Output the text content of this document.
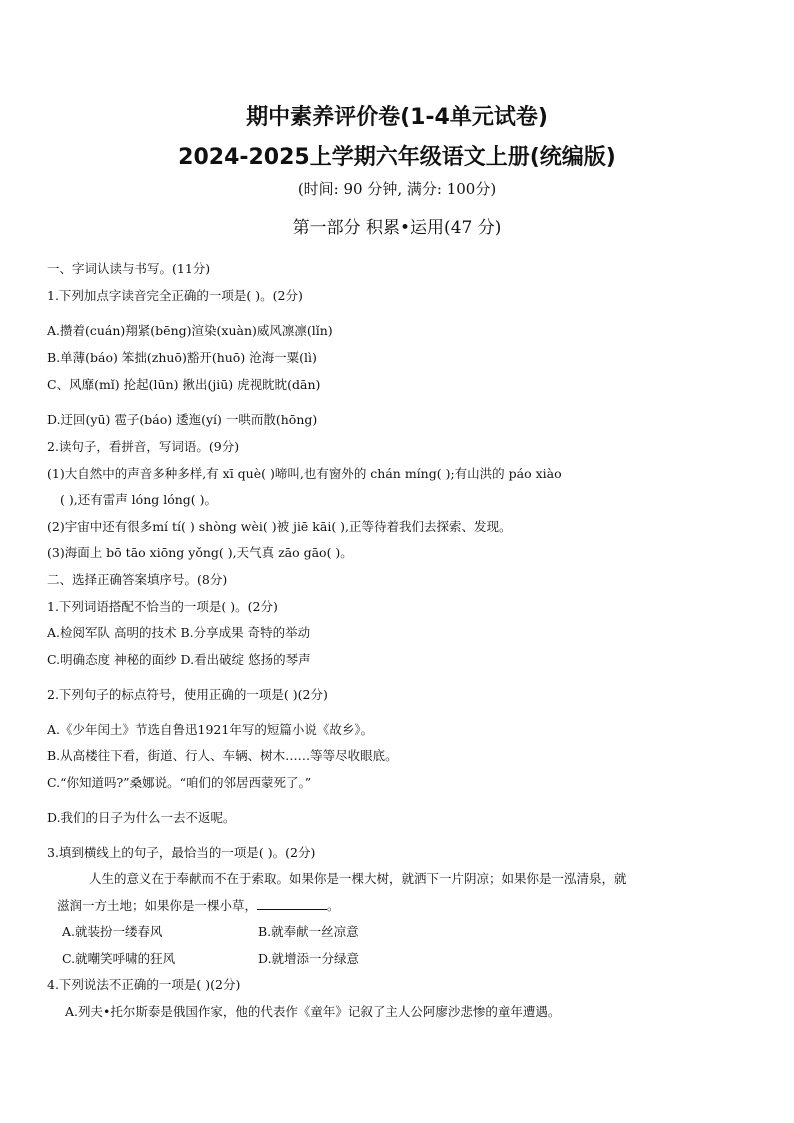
期中素养评价卷(1-4单元试卷)
2024-2025上学期六年级语文上册(统编版)
(时间: 90 分钟, 满分: 100分)
第一部分 积累•运用(47 分)
一、字词认读与书写。(11分)
1.下列加点字读音完全正确的一项是( )。(2分)
A.攒着(cuán)翔紧(bēng)渲染(xuàn)威风凛凛(lǐn)
B.单薄(báo) 笨拙(zhuō)豁开(huō) 沧海一粟(lì)
C、风靡(mǐ) 抡起(lūn) 揪出(jiū) 虎视眈眈(dān)
D.迂回(yū) 雹子(báo) 逶迤(yí) 一哄而散(hōng)
2.读句子，看拼音，写词语。(9分)
(1)大自然中的声音多种多样,有 xī què( )啼叫,也有窗外的 chán míng( );有山洪的 páo xiào
( ),还有雷声 lóng lóng( )。
(2)宇宙中还有很多mí tí( ) shòng wèi( )被 jiē kāi( ),正等待着我们去探索、发现。
(3)海面上 bō tāo xiōng yǒng( ),天气真 zāo gāo( )。
二、选择正确答案填序号。(8分)
1.下列词语搭配不恰当的一项是( )。(2分)
A.检阅军队 高明的技术 B.分享成果 奇特的举动
C.明确态度 神秘的面纱 D.看出破绽 悠扬的琴声
2.下列句子的标点符号，使用正确的一项是( )(2分)
A.《少年闰土》节选自鲁迅1921年写的短篇小说《故乡》。
B.从高楼往下看，街道、行人、车辆、树木……等等尽收眼底。
C.“你知道吗?”桑娜说。“咱们的邻居西蒙死了。”
D.我们的日子为什么一去不返呢。
3.填到横线上的句子，最恰当的一项是( )。(2分)
人生的意义在于奉献而不在于索取。如果你是一棵大树，就洒下一片阴凉；如果你是一泓清泉，就
滋润一方土地；如果你是一棵小草，	。
A.就装扮一缕春风	B.就奉献一丝凉意
C.就嘲笑呼啸的狂风	D.就增添一分绿意
4.下列说法不正确的一项是( )(2分)
A.列夫•托尔斯泰是俄国作家，他的代表作《童年》记叙了主人公阿廖沙悲惨的童年遭遇。
